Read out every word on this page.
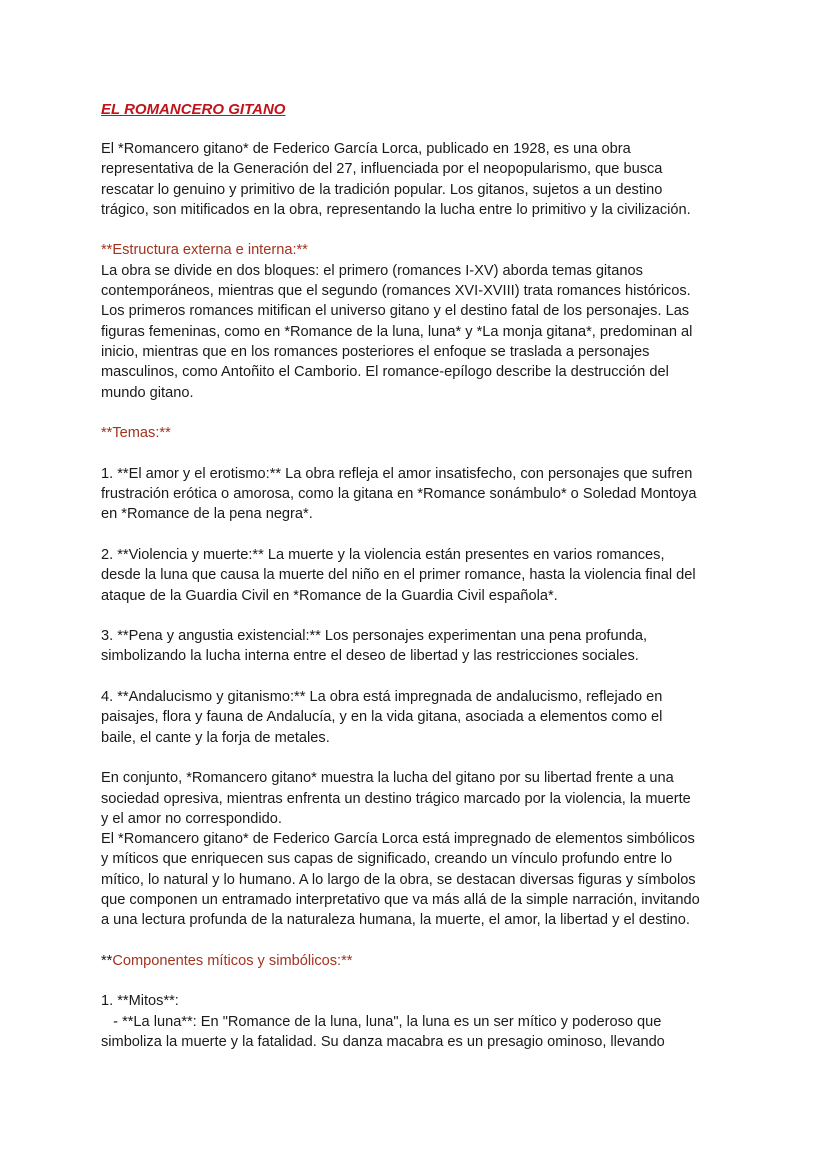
EL ROMANCERO GITANO
El *Romancero gitano* de Federico García Lorca, publicado en 1928, es una obra
representativa de la Generación del 27, influenciada por el neopopularismo, que busca
rescatar lo genuino y primitivo de la tradición popular. Los gitanos, sujetos a un destino
trágico, son mitificados en la obra, representando la lucha entre lo primitivo y la civilización.
**Estructura externa e interna:**
La obra se divide en dos bloques: el primero (romances I-XV) aborda temas gitanos
contemporáneos, mientras que el segundo (romances XVI-XVIII) trata romances históricos.
Los primeros romances mitifican el universo gitano y el destino fatal de los personajes. Las
figuras femeninas, como en *Romance de la luna, luna* y *La monja gitana*, predominan al
inicio, mientras que en los romances posteriores el enfoque se traslada a personajes
masculinos, como Antoñito el Camborio. El romance-epílogo describe la destrucción del
mundo gitano.
**Temas:**
1. **El amor y el erotismo:** La obra refleja el amor insatisfecho, con personajes que sufren
frustración erótica o amorosa, como la gitana en *Romance sonámbulo* o Soledad Montoya
en *Romance de la pena negra*.
2. **Violencia y muerte:** La muerte y la violencia están presentes en varios romances,
desde la luna que causa la muerte del niño en el primer romance, hasta la violencia final del
ataque de la Guardia Civil en *Romance de la Guardia Civil española*.
3. **Pena y angustia existencial:** Los personajes experimentan una pena profunda,
simbolizando la lucha interna entre el deseo de libertad y las restricciones sociales.
4. **Andalucismo y gitanismo:** La obra está impregnada de andalucismo, reflejado en
paisajes, flora y fauna de Andalucía, y en la vida gitana, asociada a elementos como el
baile, el cante y la forja de metales.
En conjunto, *Romancero gitano* muestra la lucha del gitano por su libertad frente a una
sociedad opresiva, mientras enfrenta un destino trágico marcado por la violencia, la muerte
y el amor no correspondido.
El *Romancero gitano* de Federico García Lorca está impregnado de elementos simbólicos
y míticos que enriquecen sus capas de significado, creando un vínculo profundo entre lo
mítico, lo natural y lo humano. A lo largo de la obra, se destacan diversas figuras y símbolos
que componen un entramado interpretativo que va más allá de la simple narración, invitando
a una lectura profunda de la naturaleza humana, la muerte, el amor, la libertad y el destino.
**Componentes míticos y simbólicos:**
1. **Mitos**:
- **La luna**: En "Romance de la luna, luna", la luna es un ser mítico y poderoso que
simboliza la muerte y la fatalidad. Su danza macabra es un presagio ominoso, llevando
